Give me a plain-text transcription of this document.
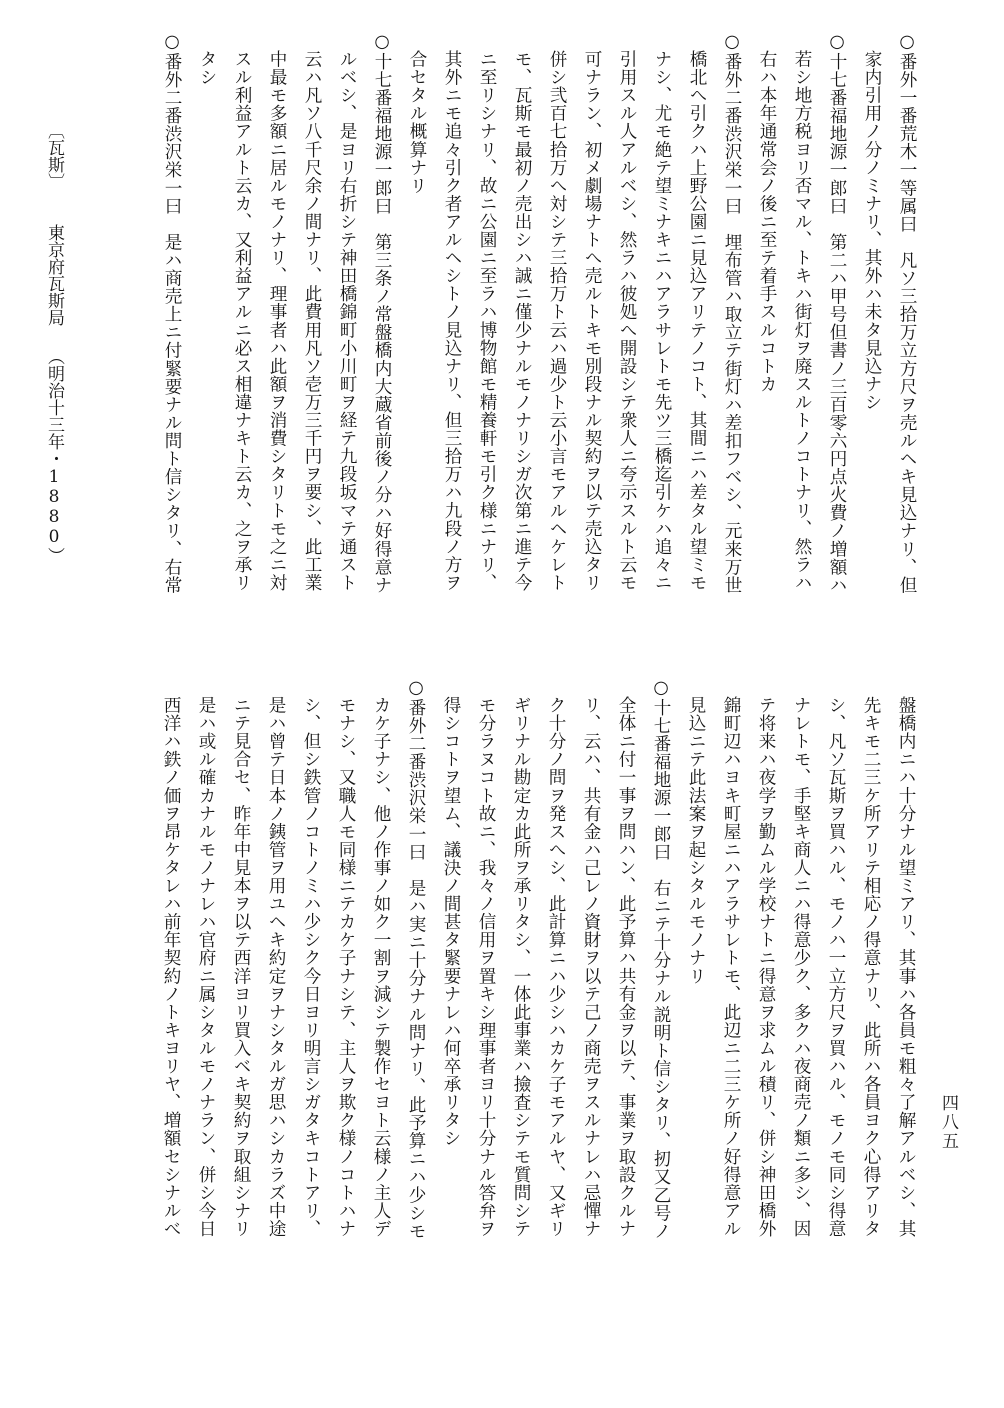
○番外一番荒木一等属曰　凡ソ三拾万立方尺ヲ売ルヘキ見込ナリ、但
　家内引用ノ分ノミナリ、其外ハ未タ見込ナシ
○十七番福地源一郎曰　第二ハ甲号但書ノ三百零六円点火費ノ増額ハ
　若シ地方税ヨリ否マル、トキハ街灯ヲ廃スルトノコトナリ、然ラハ
　右ハ本年通常会ノ後ニ至テ着手スルコトカ
○番外二番渋沢栄一曰　埋布管ハ取立テ街灯ハ差扣フベシ、元来万世
　橋北へ引クハ上野公園ニ見込アリテノコト、其間ニハ差タル望ミモ
　ナシ、尤モ絶テ望ミナキニハアラサレトモ先ツ三橋迄引ケハ追々ニ
　引用スル人アルベシ、然ラハ彼処へ開設シテ衆人ニ夸示スルト云モ
　可ナラン、初メ劇場ナトへ売ルトキモ別段ナル契約ヲ以テ売込タリ
　併シ弐百七拾万へ対シテ三拾万ト云ハ過少ト云小言モアルヘケレト
　モ、瓦斯モ最初ノ売出シハ誠ニ僅少ナルモノナリシガ次第ニ進テ今
　ニ至リシナリ、故ニ公園ニ至ラハ博物館モ精養軒モ引ク様ニナリ、
　其外ニモ追々引ク者アルヘシトノ見込ナリ、但三拾万ハ九段ノ方ヲ
　合セタル概算ナリ
○十七番福地源一郎曰　第三条ノ常盤橋内大蔵省前後ノ分ハ好得意ナ
　ルベシ、是ヨリ右折シテ神田橋錦町小川町ヲ経テ九段坂マテ通スト
　云ハ凡ソ八千尺余ノ間ナリ、此費用凡ソ壱万三千円ヲ要シ、此工業
　中最モ多額ニ居ルモノナリ、理事者ハ此額ヲ消費シタリトモ之ニ対
　スル利益アルト云カ、又利益アルニ必ス相違ナキト云カ、之ヲ承リ
　タシ
○番外二番渋沢栄一曰　是ハ商売上ニ付緊要ナル問ト信シタリ、右常
　盤橋内ニハ十分ナル望ミアリ、其事ハ各員モ粗々了解アルベシ、其
　先キモ二三ケ所アリテ相応ノ得意ナリ、此所ハ各員ヨク心得アリタ
　シ、凡ソ瓦斯ヲ買ハル、モノハ一立方尺ヲ買ハル、モノモ同シ得意
　ナレトモ、手堅キ商人ニハ得意少ク、多クハ夜商売ノ類ニ多シ、因
　テ将来ハ夜学ヲ勤ムル学校ナトニ得意ヲ求ムル積リ、併シ神田橋外
　錦町辺ハヨキ町屋ニハアラサレトモ、此辺ニ二三ケ所ノ好得意アル
　見込ニテ此法案ヲ起シタルモノナリ
○十七番福地源一郎曰　右ニテ十分ナル説明ト信シタリ、扨又乙号ノ
　全体ニ付一事ヲ問ハン、此予算ハ共有金ヲ以テ、事業ヲ取設クルナ
　リ、云ハ、共有金ハ己レノ資財ヲ以テ己ノ商売ヲスルナレハ忌憚ナ
　ク十分ノ問ヲ発スへシ、此計算ニハ少シハカケ子モアルヤ、又ギリ
　ギリナル勘定カ此所ヲ承リタシ、一体此事業ハ撿査シテモ質問シテ
　モ分ラヌコト故ニ、我々ノ信用ヲ置キシ理事者ヨリ十分ナル答弁ヲ
　得シコトヲ望ム、議決ノ間甚タ緊要ナレハ何卒承リタシ
○番外二番渋沢栄一曰　是ハ実ニ十分ナル問ナリ、此予算ニハ少シモ
　カケ子ナシ、他ノ作事ノ如ク一割ヲ減シテ製作セヨト云様ノ主人デ
　モナシ、又職人モ同様ニテカケ子ナシテ、主人ヲ欺ク様ノコトハナ
　シ、但シ鉄管ノコトノミハ少シク今日ヨリ明言シガタキコトアリ、
　是ハ曾テ日本ノ銕管ヲ用ユヘキ約定ヲナシタルガ思ハシカラズ中途
　ニテ見合セ、昨年中見本ヲ以テ西洋ヨリ買入ベキ契約ヲ取組シナリ
　是ハ或ル確カナルモノナレハ官府ニ属シタルモノナラン、併シ今日
　西洋ハ鉄ノ価ヲ昂ケタレハ前年契約ノトキヨリヤ、増額セシナルべ
〔瓦斯〕東京府瓦斯局（明治十三年・1880）
四八五
